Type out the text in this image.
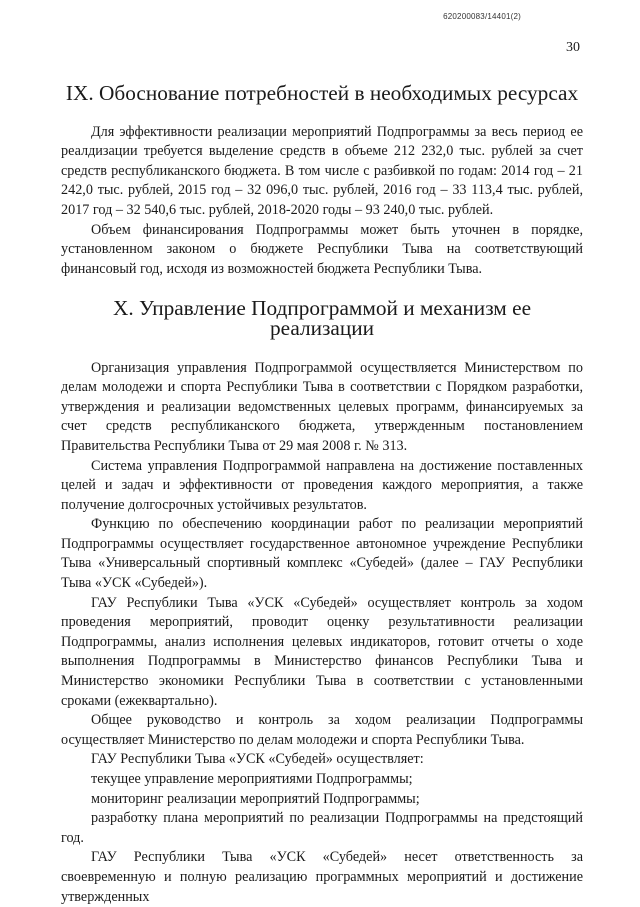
620200083/14401(2)
30
IX. Обоснование потребностей в необходимых ресурсах

Для эффективности реализации мероприятий Подпрограммы за весь период ее реалдизации требуется выделение средств в объеме 212 232,0 тыс. рублей за счет средств республиканского бюджета. В том числе с разбивкой по годам: 2014 год – 21 242,0 тыс. рублей, 2015 год – 32 096,0 тыс. рублей, 2016 год – 33 113,4 тыс. рублей, 2017 год – 32 540,6 тыс. рублей, 2018-2020 годы – 93 240,0 тыс. рублей.

Объем финансирования Подпрограммы может быть уточнен в порядке, установленном законом о бюджете Республики Тыва на соответствующий финансовый год, исходя из возможностей бюджета Республики Тыва.

X. Управление Подпрограммой и механизм ее реализации

Организация управления Подпрограммой осуществляется Министерством по делам молодежи и спорта Республики Тыва в соответствии с Порядком разработки, утверждения и реализации ведомственных целевых программ, финансируемых за счет средств республиканского бюджета, утвержденным постановлением Правительства Республики Тыва от 29 мая 2008 г. № 313.

Система управления Подпрограммой направлена на достижение поставленных целей и задач и эффективности от проведения каждого мероприятия, а также получение долгосрочных устойчивых результатов.

Функцию по обеспечению координации работ по реализации мероприятий Подпрограммы осуществляет государственное автономное учреждение Республики Тыва «Универсальный спортивный комплекс «Субедей» (далее – ГАУ Республики Тыва «УСК «Субедей»).

ГАУ Республики Тыва «УСК «Субедей» осуществляет контроль за ходом проведения мероприятий, проводит оценку результативности реализации Подпрограммы, анализ исполнения целевых индикаторов, готовит отчеты о ходе выполнения Подпрограммы в Министерство финансов Республики Тыва и Министерство экономики Республики Тыва в соответствии с установленными сроками (ежеквартально).

Общее руководство и контроль за ходом реализации Подпрограммы осуществляет Министерство по делам молодежи и спорта Республики Тыва.

ГАУ Республики Тыва «УСК «Субедей» осуществляет:

текущее управление мероприятиями Подпрограммы;

мониторинг реализации мероприятий Подпрограммы;

разработку плана мероприятий по реализации Подпрограммы на предстоящий год.

ГАУ Республики Тыва «УСК «Субедей» несет ответственность за своевременную и полную реализацию программных мероприятий и достижение утвержденных
